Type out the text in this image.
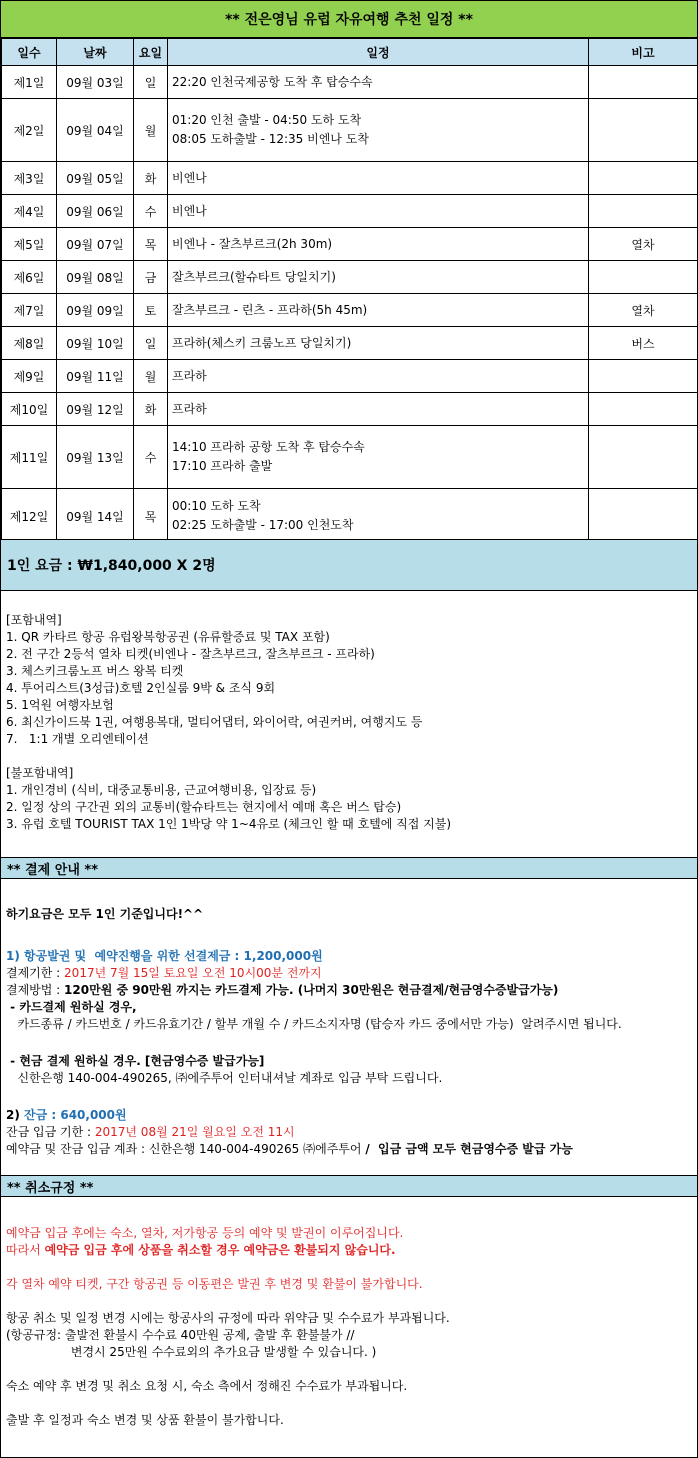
** 전은영님 유럽 자유여행 추천 일정 **
일수	날짜	요일	일정	비고
제1일	09월 03일	일	22:20 인천국제공항 도착 후 탑승수속	

제2일	09월 04일	월	01:20 인천 출발 - 04:50 도하 도착
08:05 도하출발 - 12:35 비엔나 도착	

제3일	09월 05일	화	비엔나	

제4일	09월 06일	수	비엔나	

제5일	09월 07일	목	비엔나 - 잘츠부르크(2h 30m)	열차
제6일	09월 08일	금	잘츠부르크(할슈타트 당일치기)	

제7일	09월 09일	토	잘츠부르크 - 린츠 - 프라하(5h 45m)	열차
제8일	09월 10일	일	프라하(체스키 크룸노프 당일치기)	버스
제9일	09월 11일	월	프라하	

제10일	09월 12일	화	프라하	

제11일	09월 13일	수	14:10 프라하 공항 도착 후 탑승수속
17:10 프라하 출발	

제12일	09월 14일	목	00:10 도하 도착
02:25 도하출발 - 17:00 인천도착	

1인 요금 : ₩1,840,000 X 2명
[포함내역]
1. QR 카타르 항공 유럽왕복항공권 (유류할증료 및 TAX 포함)
2. 전 구간 2등석 열차 티켓(비엔나 - 잘츠부르크, 잘츠부르크 - 프라하)
3. 체스키크룸노프 버스 왕복 티켓
4. 투어리스트(3성급)호텔 2인실룸 9박 & 조식 9회
5. 1억원 여행자보험
6. 최신가이드북 1권, 여행용복대, 멀티어댑터, 와이어락, 여권커버, 여행지도 등
7.   1:1 개별 오리엔테이션

[불포함내역]
1. 개인경비 (식비, 대중교통비용, 근교여행비용, 입장료 등)
2. 일정 상의 구간권 외의 교통비(할슈타트는 현지에서 예매 혹은 버스 탑승)
3. 유럽 호텔 TOURIST TAX 1인 1박당 약 1~4유로 (체크인 할 때 호텔에 직접 지불)
** 결제 안내 **
하기요금은 모두 1인 기준입니다!^^

1) 항공발권 및  예약진행을 위한 선결제금 : 1,200,000원
결제기한 : 2017년 7월 15일 토요일 오전 10시00분 전까지
결제방법 : 120만원 중 90만원 까지는 카드결제 가능. (나머지 30만원은 현금결제/현금영수증발급가능)
- 카드결제 원하실 경우,
카드종류 / 카드번호 / 카드유효기간 / 할부 개월 수 / 카드소지자명 (탑승자 카드 중에서만 가능)  알려주시면 됩니다.

- 현금 결제 원하실 경우. [현금영수증 발급가능]
신한은행 140-004-490265, ㈜에주투어 인터내셔날 계좌로 입금 부탁 드립니다.

2) 잔금 : 640,000원
잔금 입금 기한 : 2017년 08월 21일 월요일 오전 11시
예약금 및 잔금 입금 계좌 : 신한은행 140-004-490265 ㈜에주투어 /  입금 금액 모두 현금영수증 발급 가능
** 취소규정 **
예약금 입금 후에는 숙소, 열차, 저가항공 등의 예약 및 발권이 이루어집니다.
따라서 예약금 입금 후에 상품을 취소할 경우 예약금은 환불되지 않습니다.

각 열차 예약 티켓, 구간 항공권 등 이동편은 발권 후 변경 및 환불이 불가합니다.

항공 취소 및 일정 변경 시에는 항공사의 규정에 따라 위약금 및 수수료가 부과됩니다.
(항공규정: 출발전 환불시 수수료 40만원 공제, 출발 후 환불불가 //
변경시 25만원 수수료외의 추가요금 발생할 수 있습니다. )

숙소 예약 후 변경 및 취소 요청 시, 숙소 측에서 정해진 수수료가 부과됩니다.

출발 후 일정과 숙소 변경 및 상품 환불이 불가합니다.
